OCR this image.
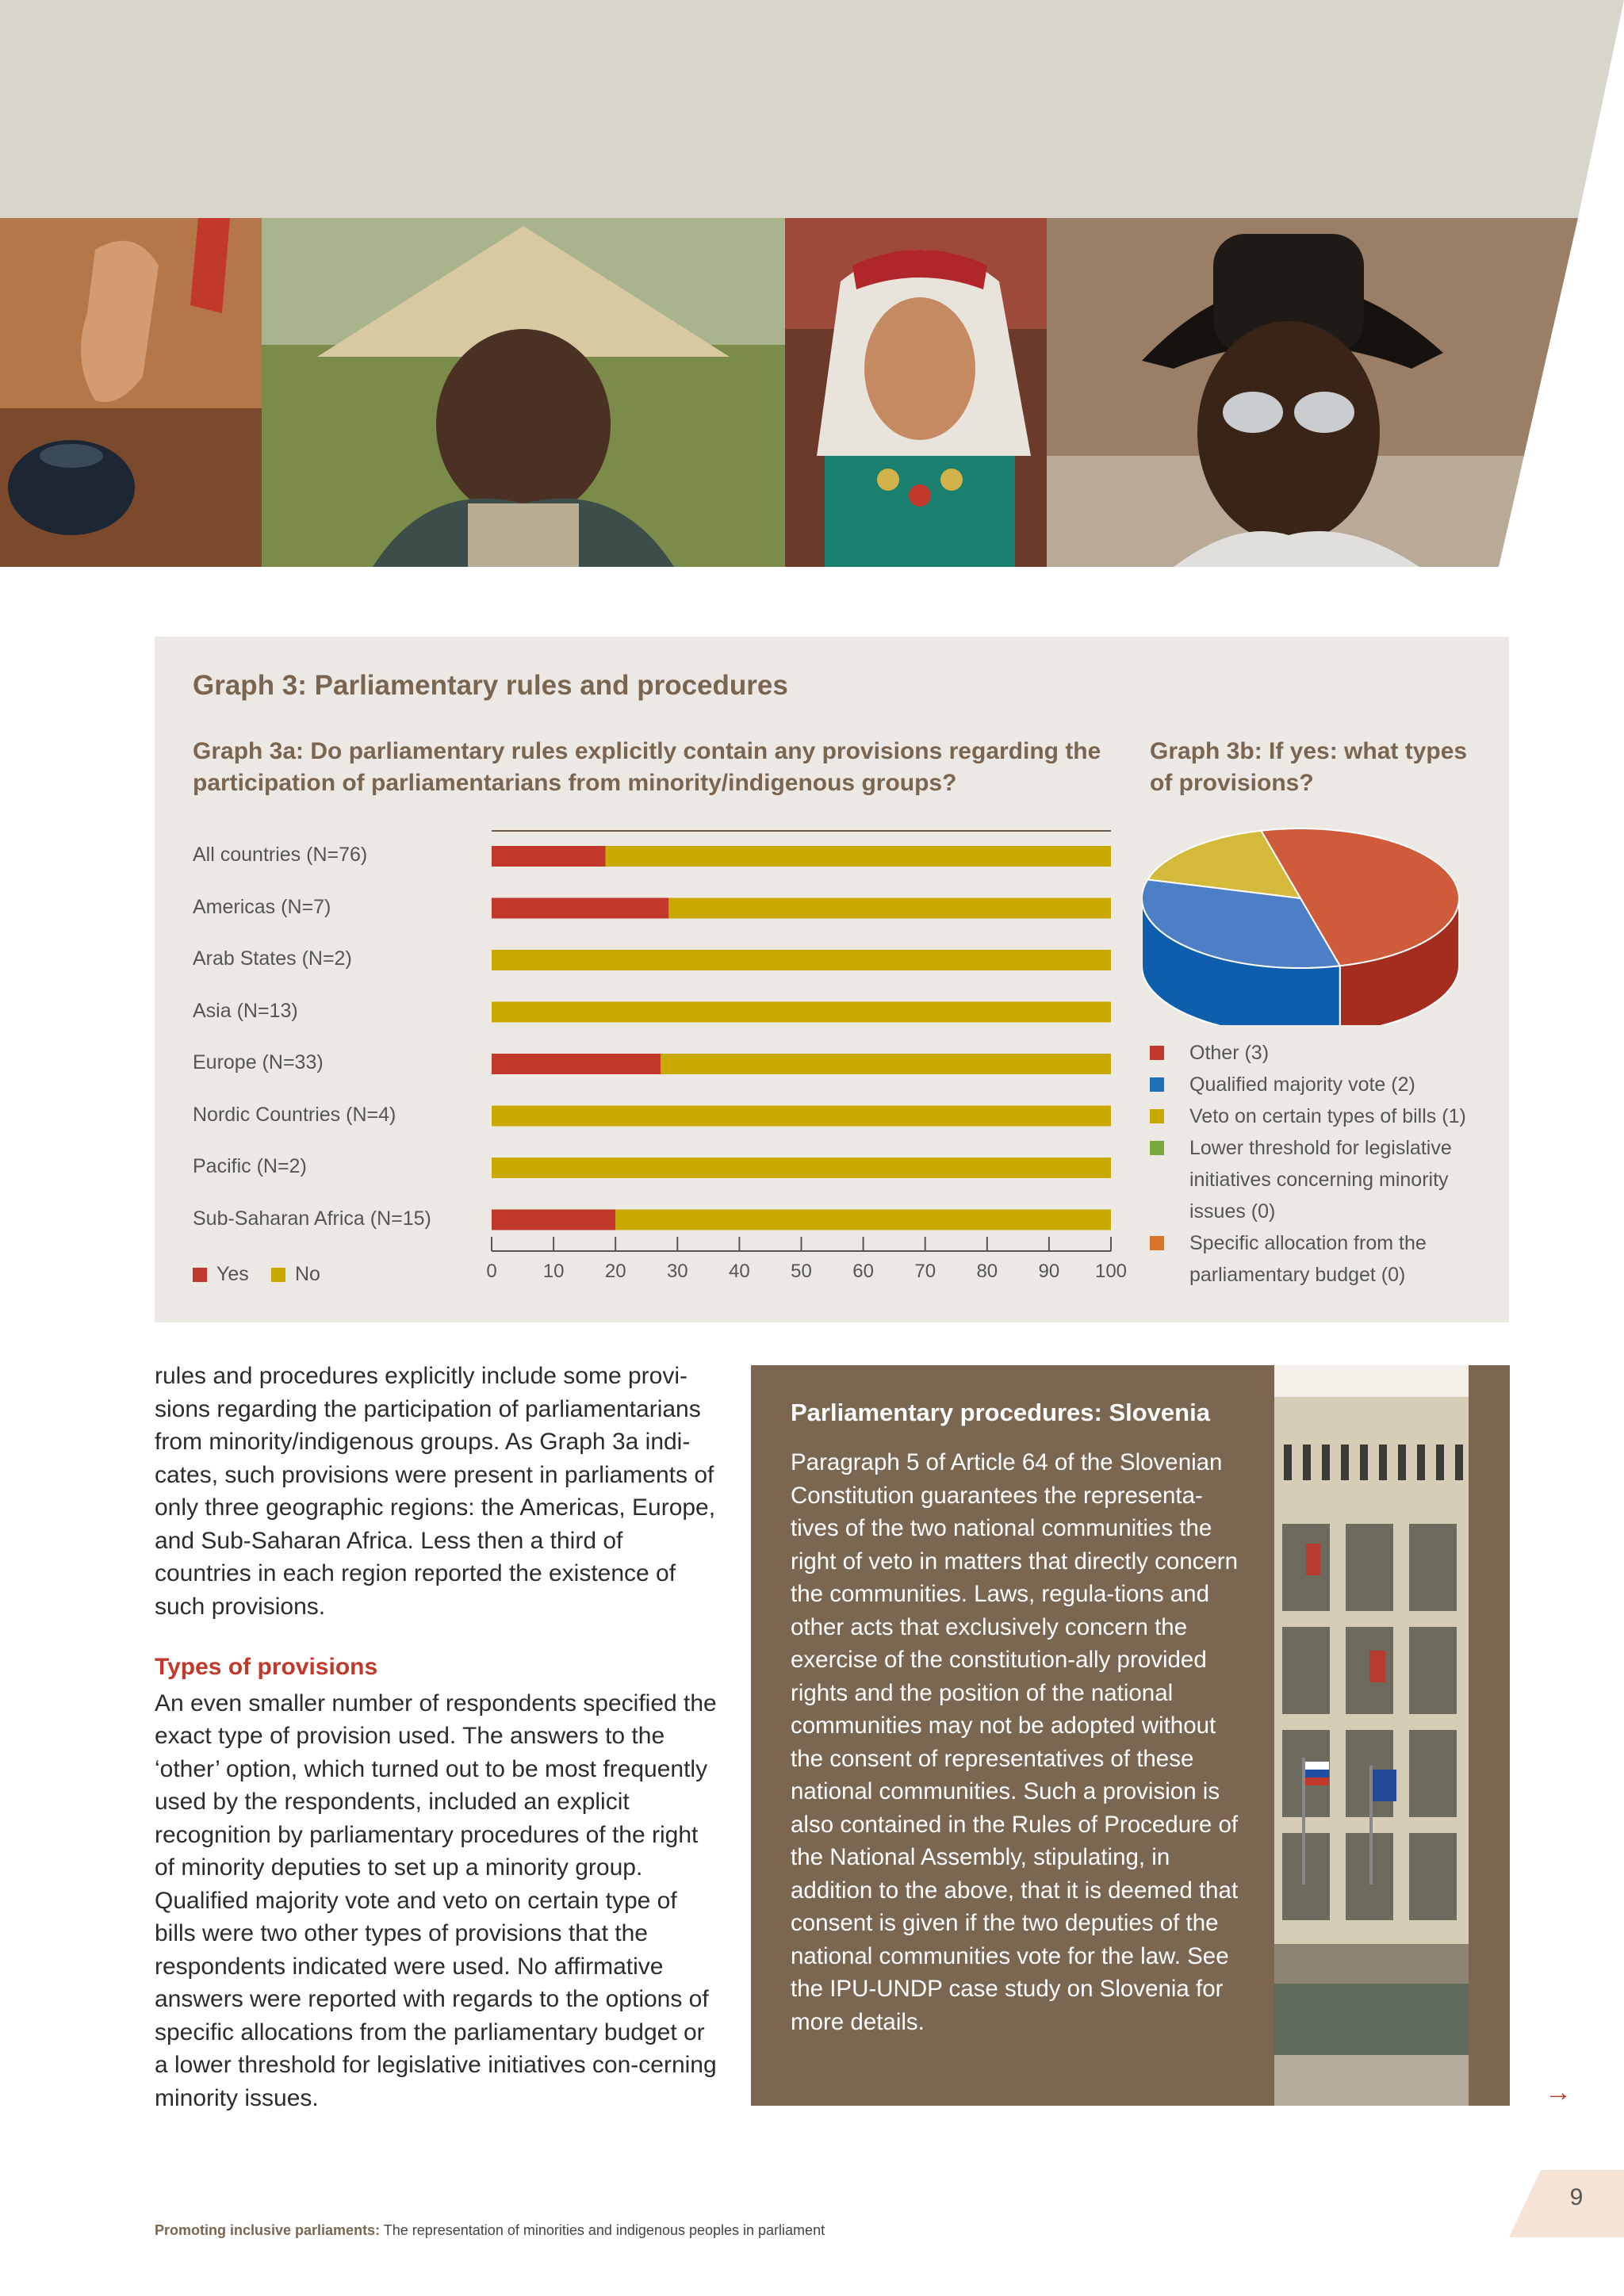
Graph 3: Parliamentary rules and procedures

Graph 3a: Do parliamentary rules explicitly contain any provisions regarding the participation of parliamentarians from minority/indigenous groups?

Graph 3b: If yes: what types of provisions?

All countries (N=76)
Americas (N=7)
Arab States (N=2)
Asia (N=13)
Europe (N=33)
Nordic Countries (N=4)
Pacific (N=2)
Sub-Saharan Africa (N=15)
0 10 20 30 40 50 60 70 80 90 100
Yes	No
Other (3)
Qualified majority vote (2)
Veto on certain types of bills (1)
Lower threshold for legislative initiatives concerning minority issues (0)
Specific allocation from the parliamentary budget (0)

rules and procedures explicitly include some provi-sions regarding the participation of parliamentarians from minority/indigenous groups. As Graph 3a indi-cates, such provisions were present in parliaments of only three geographic regions: the Americas, Europe, and Sub-Saharan Africa. Less then a third of countries in each region reported the existence of such provisions.

Types of provisions

An even smaller number of respondents specified the exact type of provision used. The answers to the ‘other’ option, which turned out to be most frequently used by the respondents, included an explicit recognition by parliamentary procedures of the right of minority deputies to set up a minority group. Qualified majority vote and veto on certain type of bills were two other types of provisions that the respondents indicated were used. No affirmative answers were reported with regards to the options of specific allocations from the parliamentary budget or a lower threshold for legislative initiatives con-cerning minority issues.

Parliamentary procedures: Slovenia

Paragraph 5 of Article 64 of the Slovenian Constitution guarantees the representa-tives of the two national communities the right of veto in matters that directly concern the communities. Laws, regula-tions and other acts that exclusively concern the exercise of the constitution-ally provided rights and the position of the national communities may not be adopted without the consent of representatives of these national communities. Such a provision is also contained in the Rules of Procedure of the National Assembly, stipulating, in addition to the above, that it is deemed that consent is given if the two deputies of the national communities vote for the law. See the IPU-UNDP case study on Slovenia for more details.

→
9
Promoting inclusive parliaments: The representation of minorities and indigenous peoples in parliament
